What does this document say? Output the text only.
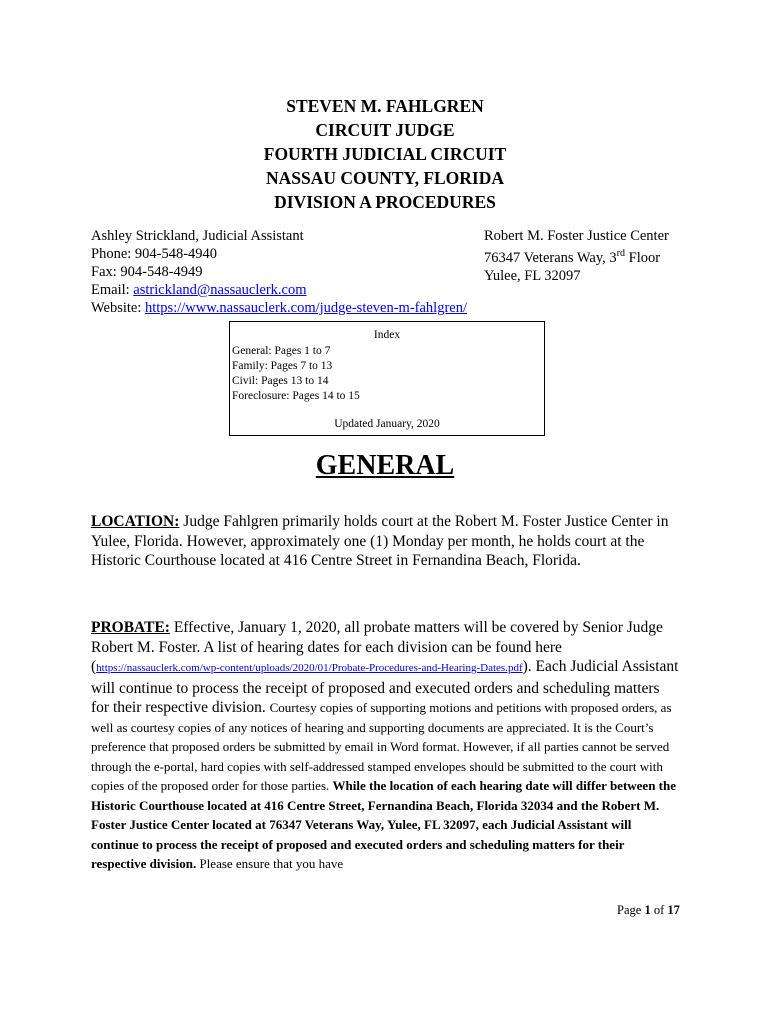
STEVEN M. FAHLGREN
CIRCUIT JUDGE
FOURTH JUDICIAL CIRCUIT
NASSAU COUNTY, FLORIDA
DIVISION A PROCEDURES
Ashley Strickland, Judicial Assistant
Phone: 904-548-4940
Fax: 904-548-4949
Email: astrickland@nassauclerk.com
Website: https://www.nassauclerk.com/judge-steven-m-fahlgren/
Robert M. Foster Justice Center
76347 Veterans Way, 3rd Floor
Yulee, FL 32097
Index
General: Pages 1 to 7
Family: Pages 7 to 13
Civil: Pages 13 to 14
Foreclosure: Pages 14 to 15
Updated January, 2020
GENERAL
LOCATION: Judge Fahlgren primarily holds court at the Robert M. Foster Justice Center in Yulee, Florida. However, approximately one (1) Monday per month, he holds court at the Historic Courthouse located at 416 Centre Street in Fernandina Beach, Florida.
PROBATE: Effective, January 1, 2020, all probate matters will be covered by Senior Judge Robert M. Foster. A list of hearing dates for each division can be found here (https://nassauclerk.com/wp-content/uploads/2020/01/Probate-Procedures-and-Hearing-Dates.pdf). Each Judicial Assistant will continue to process the receipt of proposed and executed orders and scheduling matters for their respective division. Courtesy copies of supporting motions and petitions with proposed orders, as well as courtesy copies of any notices of hearing and supporting documents are appreciated. It is the Court’s preference that proposed orders be submitted by email in Word format. However, if all parties cannot be served through the e-portal, hard copies with self-addressed stamped envelopes should be submitted to the court with copies of the proposed order for those parties. While the location of each hearing date will differ between the Historic Courthouse located at 416 Centre Street, Fernandina Beach, Florida 32034 and the Robert M. Foster Justice Center located at 76347 Veterans Way, Yulee, FL 32097, each Judicial Assistant will continue to process the receipt of proposed and executed orders and scheduling matters for their respective division. Please ensure that you have
Page 1 of 17
